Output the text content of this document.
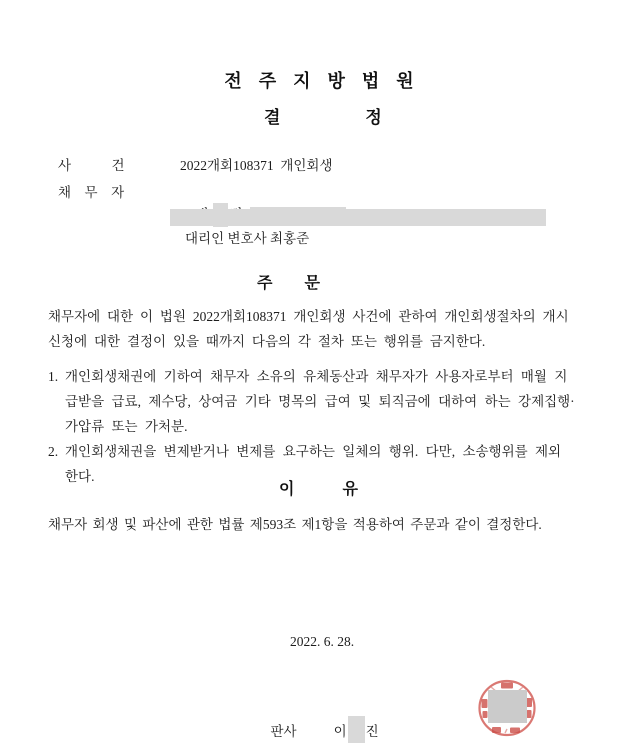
전 주 지 방 법 원
결　　　　　정
사　　　건	2022개회108371  개인회생
채　무　자

대리인 변호사 최홍준
주　　문
채무자에 대한 이 법원 2022개회108371 개인회생 사건에 관하여 개인회생절차의 개시
신청에 대한 결정이 있을 때까지 다음의 각 절차 또는 행위를 금지한다.
1. 개인회생채권에 기하여 채무자 소유의 유체동산과 채무자가 사용자로부터 매월 지
급받을 급료, 제수당, 상여금 기타 명목의 급여 및 퇴직금에 대하여 하는 강제집행·
가압류 또는 가처분.
2. 개인회생채권을 변제받거나 변제를 요구하는 일체의 행위. 다만, 소송행위를 제외
한다.
이　　　유
채무자 회생 및 파산에 관한 법률 제593조 제1항을 적용하여 주문과 같이 결정한다.
2022. 6. 28.

판사	이 진
